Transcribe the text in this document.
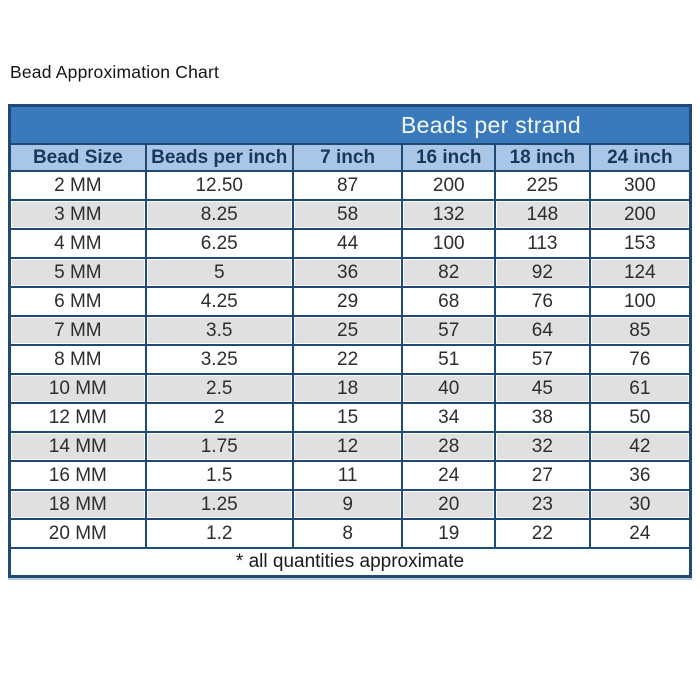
Bead Approximation Chart
Beads per strand					

Bead Size	Beads per inch	7 inch	16 inch	18 inch	24 inch
2 MM	12.50	87	200	225	300
3 MM	8.25	58	132	148	200
4 MM	6.25	44	100	113	153
5 MM	5	36	82	92	124
6 MM	4.25	29	68	76	100
7 MM	3.5	25	57	64	85
8 MM	3.25	22	51	57	76
10 MM	2.5	18	40	45	61
12 MM	2	15	34	38	50
14 MM	1.75	12	28	32	42
16 MM	1.5	11	24	27	36
18 MM	1.25	9	20	23	30
20 MM	1.2	8	19	22	24
* all quantities approximate					
